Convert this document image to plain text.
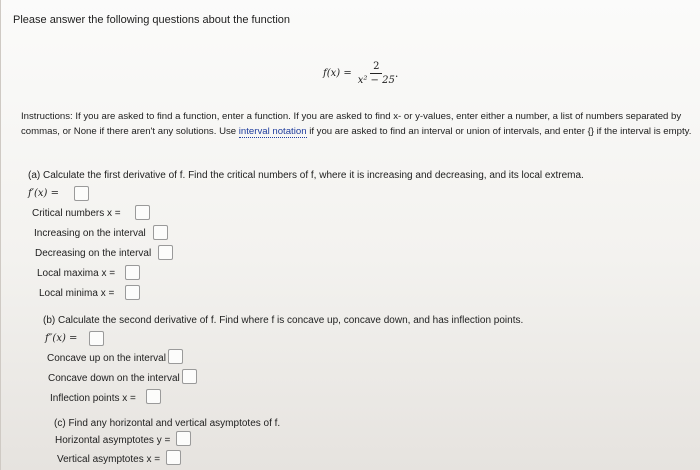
Please answer the following questions about the function
$f(x) = \frac{2}{\text{x² − 25}}$ .
Instructions: If you are asked to find a function, enter a function. If you are asked to find x- or y-values, enter either a number, a list of numbers separated by commas, or None if there aren't any solutions. Use interval notation if you are asked to find an interval or union of intervals, and enter {} if the interval is empty.
(a) Calculate the first derivative of f. Find the critical numbers of f, where it is increasing and decreasing, and its local extrema.
f′(x) =
Critical numbers x =
Increasing on the interval
Decreasing on the interval
Local maxima x =
Local minima x =
(b) Calculate the second derivative of f. Find where f is concave up, concave down, and has inflection points.
f″(x) =
Concave up on the interval
Concave down on the interval
Inflection points x =
(c) Find any horizontal and vertical asymptotes of f.
Horizontal asymptotes y =
Vertical asymptotes x =
